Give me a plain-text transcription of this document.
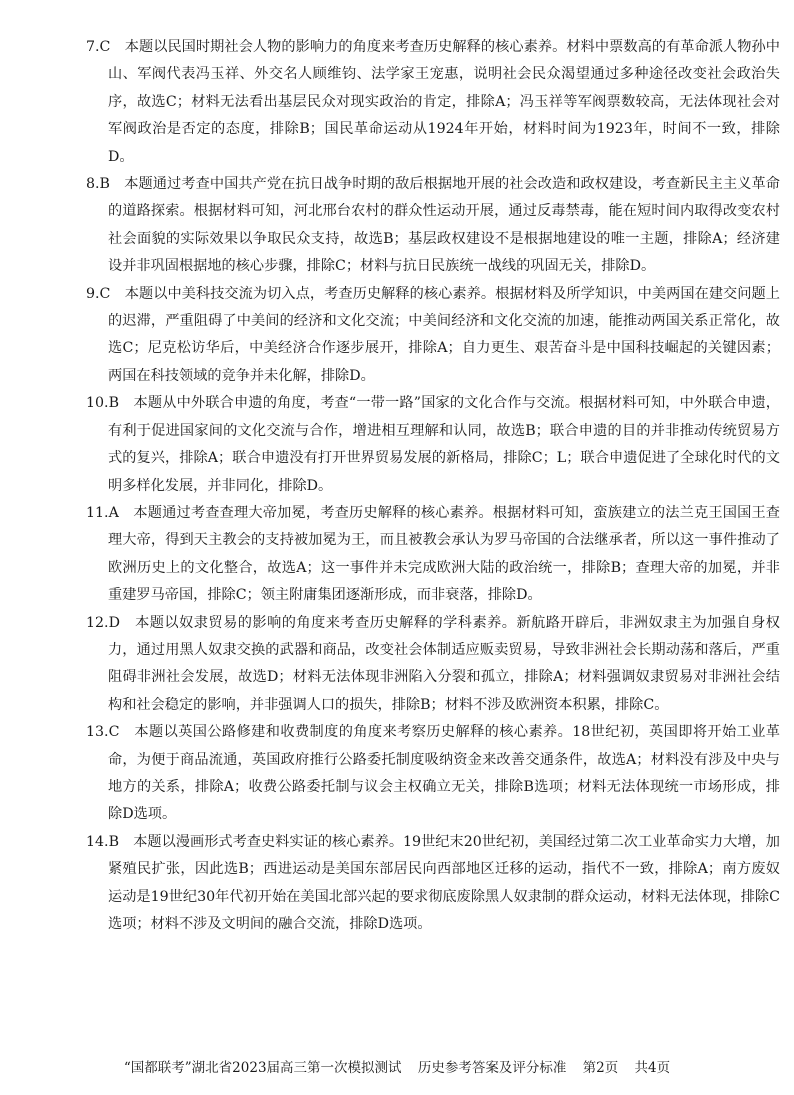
7.C　本题以民国时期社会人物的影响力的角度来考查历史解释的核心素养。材料中票数高的有革命派人物孙中山、军阀代表冯玉祥、外交名人顾维钧、法学家王宠惠，说明社会民众渴望通过多种途径改变社会政治失序，故选C；材料无法看出基层民众对现实政治的肯定，排除A；冯玉祥等军阀票数较高，无法体现社会对军阀政治是否定的态度，排除B；国民革命运动从1924年开始，材料时间为1923年，时间不一致，排除D。

8.B　本题通过考查中国共产党在抗日战争时期的敌后根据地开展的社会改造和政权建设，考查新民主主义革命的道路探索。根据材料可知，河北邢台农村的群众性运动开展，通过反毒禁毒，能在短时间内取得改变农村社会面貌的实际效果以争取民众支持，故选B；基层政权建设不是根据地建设的唯一主题，排除A；经济建设并非巩固根据地的核心步骤，排除C；材料与抗日民族统一战线的巩固无关，排除D。

9.C　本题以中美科技交流为切入点，考查历史解释的核心素养。根据材料及所学知识，中美两国在建交问题上的迟滞，严重阻碍了中美间的经济和文化交流；中美间经济和文化交流的加速，能推动两国关系正常化，故选C；尼克松访华后，中美经济合作逐步展开，排除A；自力更生、艰苦奋斗是中国科技崛起的关键因素；两国在科技领域的竞争并未化解，排除D。

10.B　本题从中外联合申遗的角度，考查“一带一路”国家的文化合作与交流。根据材料可知，中外联合申遗，有利于促进国家间的文化交流与合作，增进相互理解和认同，故选B；联合申遗的目的并非推动传统贸易方式的复兴，排除A；联合申遗没有打开世界贸易发展的新格局，排除C；L；联合申遗促进了全球化时代的文明多样化发展，并非同化，排除D。

11.A　本题通过考查查理大帝加冕，考查历史解释的核心素养。根据材料可知，蛮族建立的法兰克王国国王查理大帝，得到天主教会的支持被加冕为王，而且被教会承认为罗马帝国的合法继承者，所以这一事件推动了欧洲历史上的文化整合，故选A；这一事件并未完成欧洲大陆的政治统一，排除B；查理大帝的加冕，并非重建罗马帝国，排除C；领主附庸集团逐渐形成，而非衰落，排除D。

12.D　本题以奴隶贸易的影响的角度来考查历史解释的学科素养。新航路开辟后，非洲奴隶主为加强自身权力，通过用黑人奴隶交换的武器和商品，改变社会体制适应贩卖贸易，导致非洲社会长期动荡和落后，严重阻碍非洲社会发展，故选D；材料无法体现非洲陷入分裂和孤立，排除A；材料强调奴隶贸易对非洲社会结构和社会稳定的影响，并非强调人口的损失，排除B；材料不涉及欧洲资本积累，排除C。

13.C　本题以英国公路修建和收费制度的角度来考察历史解释的核心素养。18世纪初，英国即将开始工业革命，为便于商品流通，英国政府推行公路委托制度吸纳资金来改善交通条件，故选A；材料没有涉及中央与地方的关系，排除A；收费公路委托制与议会主权确立无关，排除B选项；材料无法体现统一市场形成，排除D选项。

14.B　本题以漫画形式考查史料实证的核心素养。19世纪末20世纪初，美国经过第二次工业革命实力大增，加紧殖民扩张，因此选B；西进运动是美国东部居民向西部地区迁移的运动，指代不一致，排除A；南方废奴运动是19世纪30年代初开始在美国北部兴起的要求彻底废除黑人奴隶制的群众运动，材料无法体现，排除C选项；材料不涉及文明间的融合交流，排除D选项。

“国都联考”湖北省2023届高三第一次模拟测试 历史参考答案及评分标准 第2页 共4页
